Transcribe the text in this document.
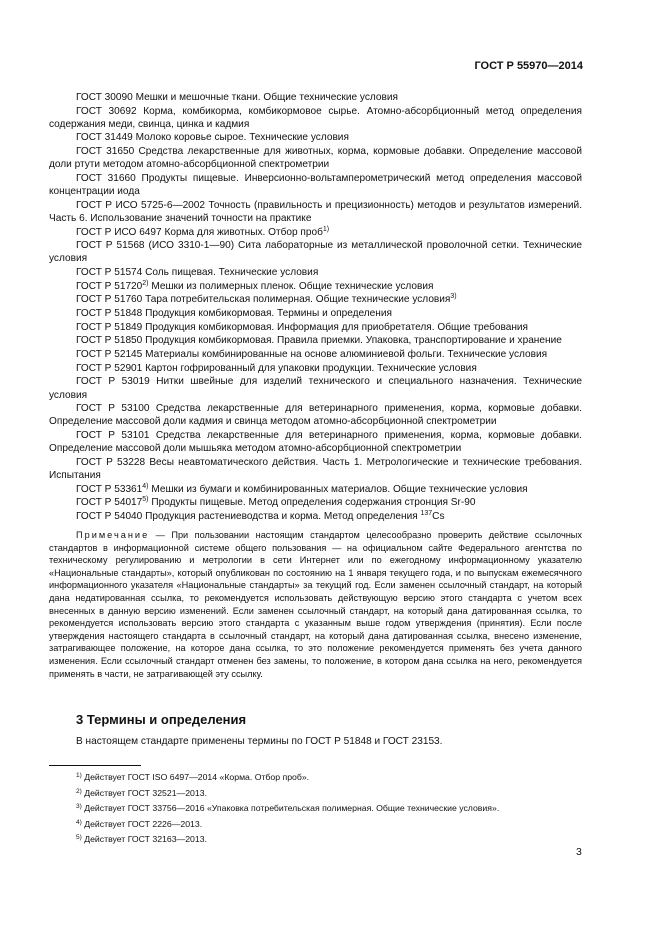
ГОСТ Р 55970—2014
ГОСТ 30090 Мешки и мешочные ткани. Общие технические условия
ГОСТ 30692 Корма, комбикорма, комбикормовое сырье. Атомно-абсорбционный метод определения содержания меди, свинца, цинка и кадмия
ГОСТ 31449 Молоко коровье сырое. Технические условия
ГОСТ 31650 Средства лекарственные для животных, корма, кормовые добавки. Определение массовой доли ртути методом атомно-абсорбционной спектрометрии
ГОСТ 31660 Продукты пищевые. Инверсионно-вольтамперометрический метод определения массовой концентрации иода
ГОСТ Р ИСО 5725-6—2002 Точность (правильность и прецизионность) методов и результатов измерений. Часть 6. Использование значений точности на практике
ГОСТ Р ИСО 6497 Корма для животных. Отбор проб$^{1)}$
ГОСТ Р 51568 (ИСО 3310-1—90) Сита лабораторные из металлической проволочной сетки. Технические условия
ГОСТ Р 51574 Соль пищевая. Технические условия
ГОСТ Р 51720$^{2)}$ Мешки из полимерных пленок. Общие технические условия
ГОСТ Р 51760 Тара потребительская полимерная. Общие технические условия$^{3)}$
ГОСТ Р 51848 Продукция комбикормовая. Термины и определения
ГОСТ Р 51849 Продукция комбикормовая. Информация для приобретателя. Общие требования
ГОСТ Р 51850 Продукция комбикормовая. Правила приемки. Упаковка, транспортирование и хранение
ГОСТ Р 52145 Материалы комбинированные на основе алюминиевой фольги. Технические условия
ГОСТ Р 52901 Картон гофрированный для упаковки продукции. Технические условия
ГОСТ Р 53019 Нитки швейные для изделий технического и специального назначения. Технические условия
ГОСТ Р 53100 Средства лекарственные для ветеринарного применения, корма, кормовые добавки. Определение массовой доли кадмия и свинца методом атомно-абсорбционной спектрометрии
ГОСТ Р 53101 Средства лекарственные для ветеринарного применения, корма, кормовые добавки. Определение массовой доли мышьяка методом атомно-абсорбционной спектрометрии
ГОСТ Р 53228 Весы неавтоматического действия. Часть 1. Метрологические и технические требования. Испытания
ГОСТ Р 53361$^{4)}$ Мешки из бумаги и комбинированных материалов. Общие технические условия
ГОСТ Р 54017$^{5)}$ Продукты пищевые. Метод определения содержания стронция Sr-90
ГОСТ Р 54040 Продукция растениеводства и корма. Метод определения $^{137}$Cs
Примечание — При пользовании настоящим стандартом целесообразно проверить действие ссылочных стандартов в информационной системе общего пользования — на официальном сайте Федерального агентства по техническому регулированию и метрологии в сети Интернет или по ежегодному информационному указателю «Национальные стандарты», который опубликован по состоянию на 1 января текущего года, и по выпускам ежемесячного информационного указателя «Национальные стандарты» за текущий год. Если заменен ссылочный стандарт, на который дана недатированная ссылка, то рекомендуется использовать действующую версию этого стандарта с учетом всех внесенных в данную версию изменений. Если заменен ссылочный стандарт, на который дана датированная ссылка, то рекомендуется использовать версию этого стандарта с указанным выше годом утверждения (принятия). Если после утверждения настоящего стандарта в ссылочный стандарт, на который дана датированная ссылка, внесено изменение, затрагивающее положение, на которое дана ссылка, то это положение рекомендуется применять без учета данного изменения. Если ссылочный стандарт отменен без замены, то положение, в котором дана ссылка на него, рекомендуется применять в части, не затрагивающей эту ссылку.
3 Термины и определения
В настоящем стандарте применены термины по ГОСТ Р 51848 и ГОСТ 23153.
$^{1)}$ Действует ГОСТ ISO 6497—2014 «Корма. Отбор проб».
$^{2)}$ Действует ГОСТ 32521—2013.
$^{3)}$ Действует ГОСТ 33756—2016 «Упаковка потребительская полимерная. Общие технические условия».
$^{4)}$ Действует ГОСТ 2226—2013.
$^{5)}$ Действует ГОСТ 32163—2013.
3
